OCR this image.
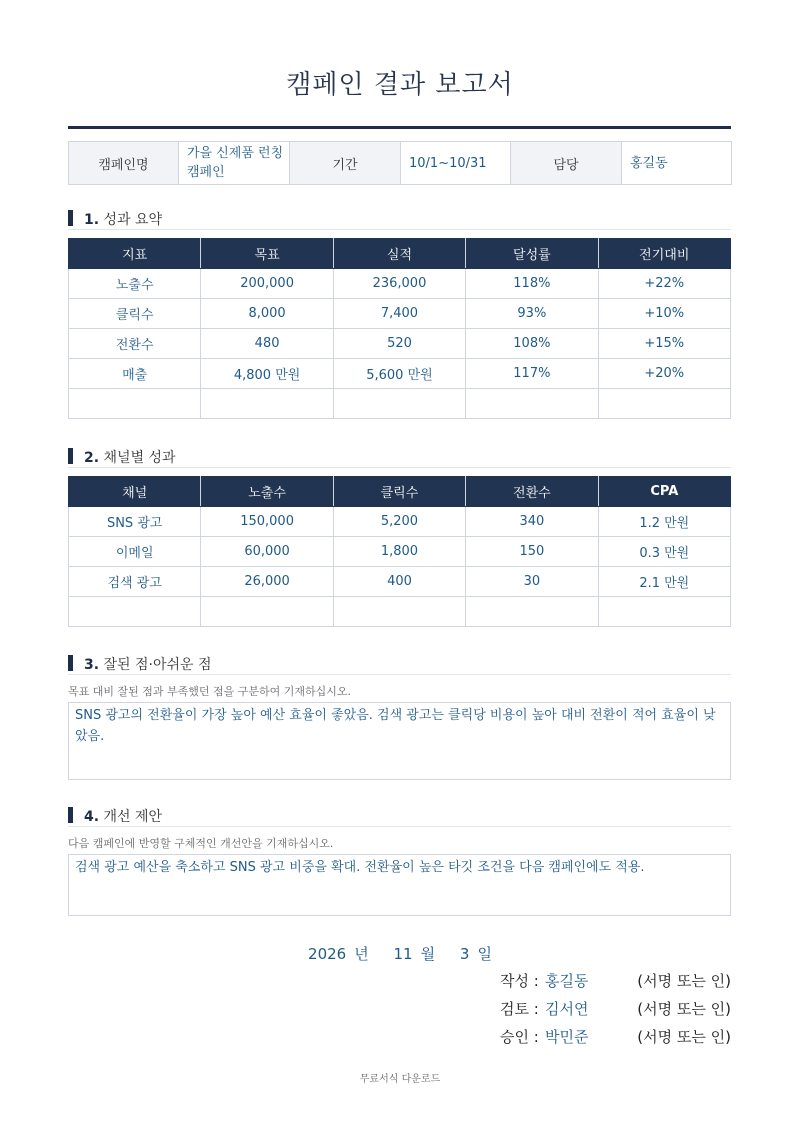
캠페인 결과 보고서
캠페인명	가을 신제품 런칭 캠페인	기간	10/1~10/31	담당	홍길동
1. 성과 요약
지표	목표	실적	달성률	전기대비
노출수	200,000	236,000	118%	+22%
클릭수	8,000	7,400	93%	+10%
전환수	480	520	108%	+15%
매출	4,800 만원	5,600 만원	117%	+20%

2. 채널별 성과
채널	노출수	클릭수	전환수	CPA
SNS 광고	150,000	5,200	340	1.2 만원
이메일	60,000	1,800	150	0.3 만원
검색 광고	26,000	400	30	2.1 만원

3. 잘된 점·아쉬운 점
목표 대비 잘된 점과 부족했던 점을 구분하여 기재하십시오.
SNS 광고의 전환율이 가장 높아 예산 효율이 좋았음. 검색 광고는 클릭당 비용이 높아 대비 전환이 적어 효율이 낮았음.
4. 개선 제안
다음 캠페인에 반영할 구체적인 개선안을 기재하십시오.
검색 광고 예산을 축소하고 SNS 광고 비중을 확대. 전환율이 높은 타깃 조건을 다음 캠페인에도 적용.
2026 년 11 월 3 일
작성 : 홍길동	(서명 또는 인)
검토 : 김서연	(서명 또는 인)
승인 : 박민준	(서명 또는 인)
무료서식 다운로드
